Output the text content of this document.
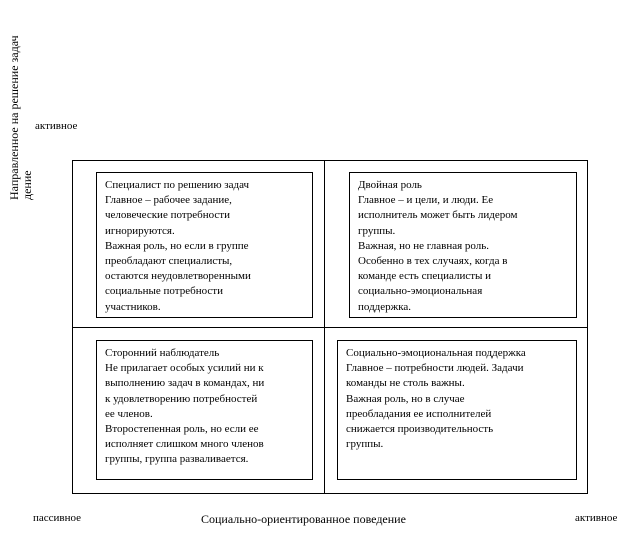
Направленное на решение задач дение
активное
Специалист по решению задач
Главное – рабочее задание,
человеческие потребности
игнорируются.
Важная роль, но если в группе
преобладают специалисты,
остаются неудовлетворенными
социальные потребности
участников.
Двойная роль
Главное – и цели, и люди. Ее
исполнитель может быть лидером
группы.
Важная, но не главная роль.
Особенно в тех случаях, когда в
команде есть специалисты и
социально-эмоциональная
поддержка.
Сторонний наблюдатель
Не прилагает особых усилий ни к
выполнению задач в командах, ни
к удовлетворению потребностей
ее членов.
Второстепенная роль, но если ее
исполняет слишком много членов
группы, группа разваливается.
Социально-эмоциональная поддержка
Главное – потребности людей. Задачи
команды не столь важны.
Важная роль, но в случае
преобладания ее исполнителей
снижается производительность
группы.
пассивное	Социально-ориентированное поведение	активное
